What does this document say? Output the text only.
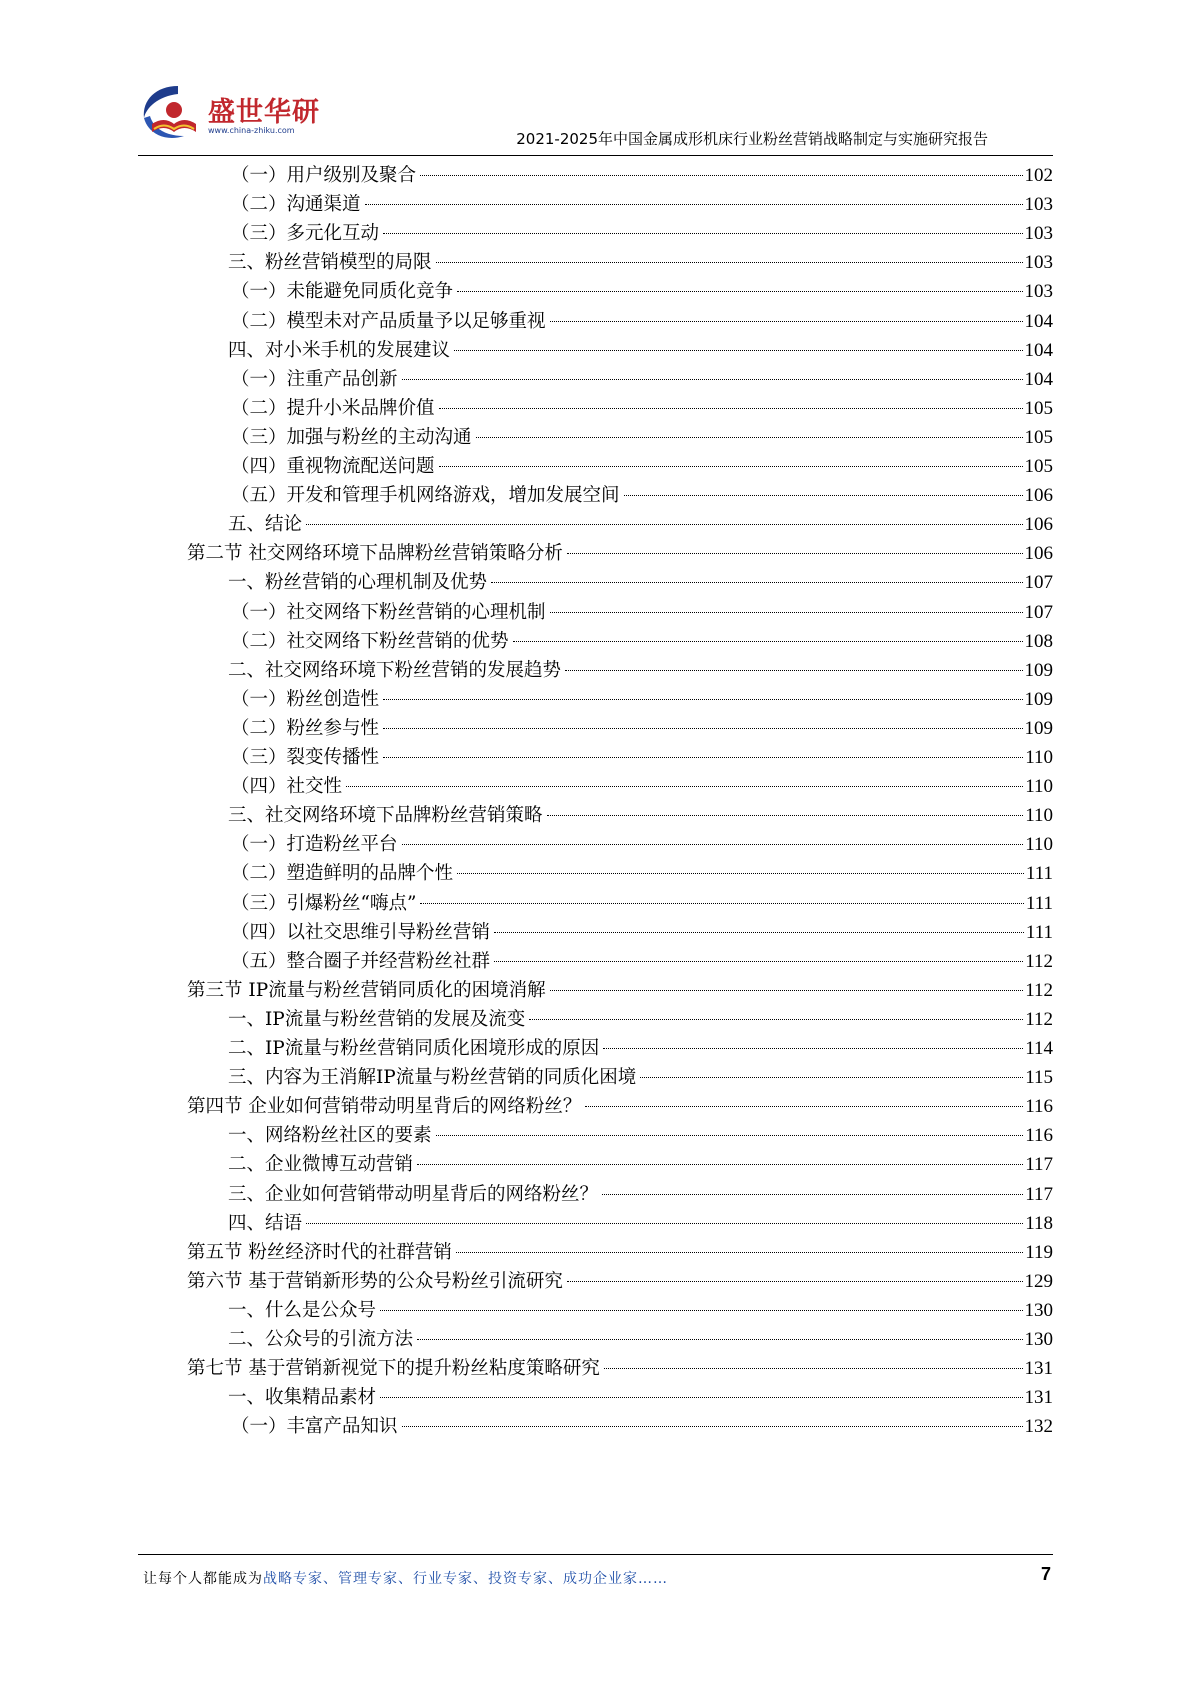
盛世华研
www.china-zhiku.com	2021-2025年中国金属成形机床行业粉丝营销战略制定与实施研究报告
（一）用户级别及聚合	102
（二）沟通渠道	103
（三）多元化互动	103
三、粉丝营销模型的局限	103
（一）未能避免同质化竞争	103
（二）模型未对产品质量予以足够重视	104
四、对小米手机的发展建议	104
（一）注重产品创新	104
（二）提升小米品牌价值	105
（三）加强与粉丝的主动沟通	105
（四）重视物流配送问题	105
（五）开发和管理手机网络游戏，增加发展空间	106
五、结论	106
第二节 社交网络环境下品牌粉丝营销策略分析	106
一、粉丝营销的心理机制及优势	107
（一）社交网络下粉丝营销的心理机制	107
（二）社交网络下粉丝营销的优势	108
二、社交网络环境下粉丝营销的发展趋势	109
（一）粉丝创造性	109
（二）粉丝参与性	109
（三）裂变传播性	110
（四）社交性	110
三、社交网络环境下品牌粉丝营销策略	110
（一）打造粉丝平台	110
（二）塑造鲜明的品牌个性	111
（三）引爆粉丝“嗨点”	111
（四）以社交思维引导粉丝营销	111
（五）整合圈子并经营粉丝社群	112
第三节 IP流量与粉丝营销同质化的困境消解	112
一、IP流量与粉丝营销的发展及流变	112
二、IP流量与粉丝营销同质化困境形成的原因	114
三、内容为王消解IP流量与粉丝营销的同质化困境	115
第四节 企业如何营销带动明星背后的网络粉丝？	116
一、网络粉丝社区的要素	116
二、企业微博互动营销	117
三、企业如何营销带动明星背后的网络粉丝？	117
四、结语	118
第五节 粉丝经济时代的社群营销	119
第六节 基于营销新形势的公众号粉丝引流研究	129
一、什么是公众号	130
二、公众号的引流方法	130
第七节 基于营销新视觉下的提升粉丝粘度策略研究	131
一、收集精品素材	131
（一）丰富产品知识	132
让每个人都能成为战略专家、管理专家、行业专家、投资专家、成功企业家……	7
